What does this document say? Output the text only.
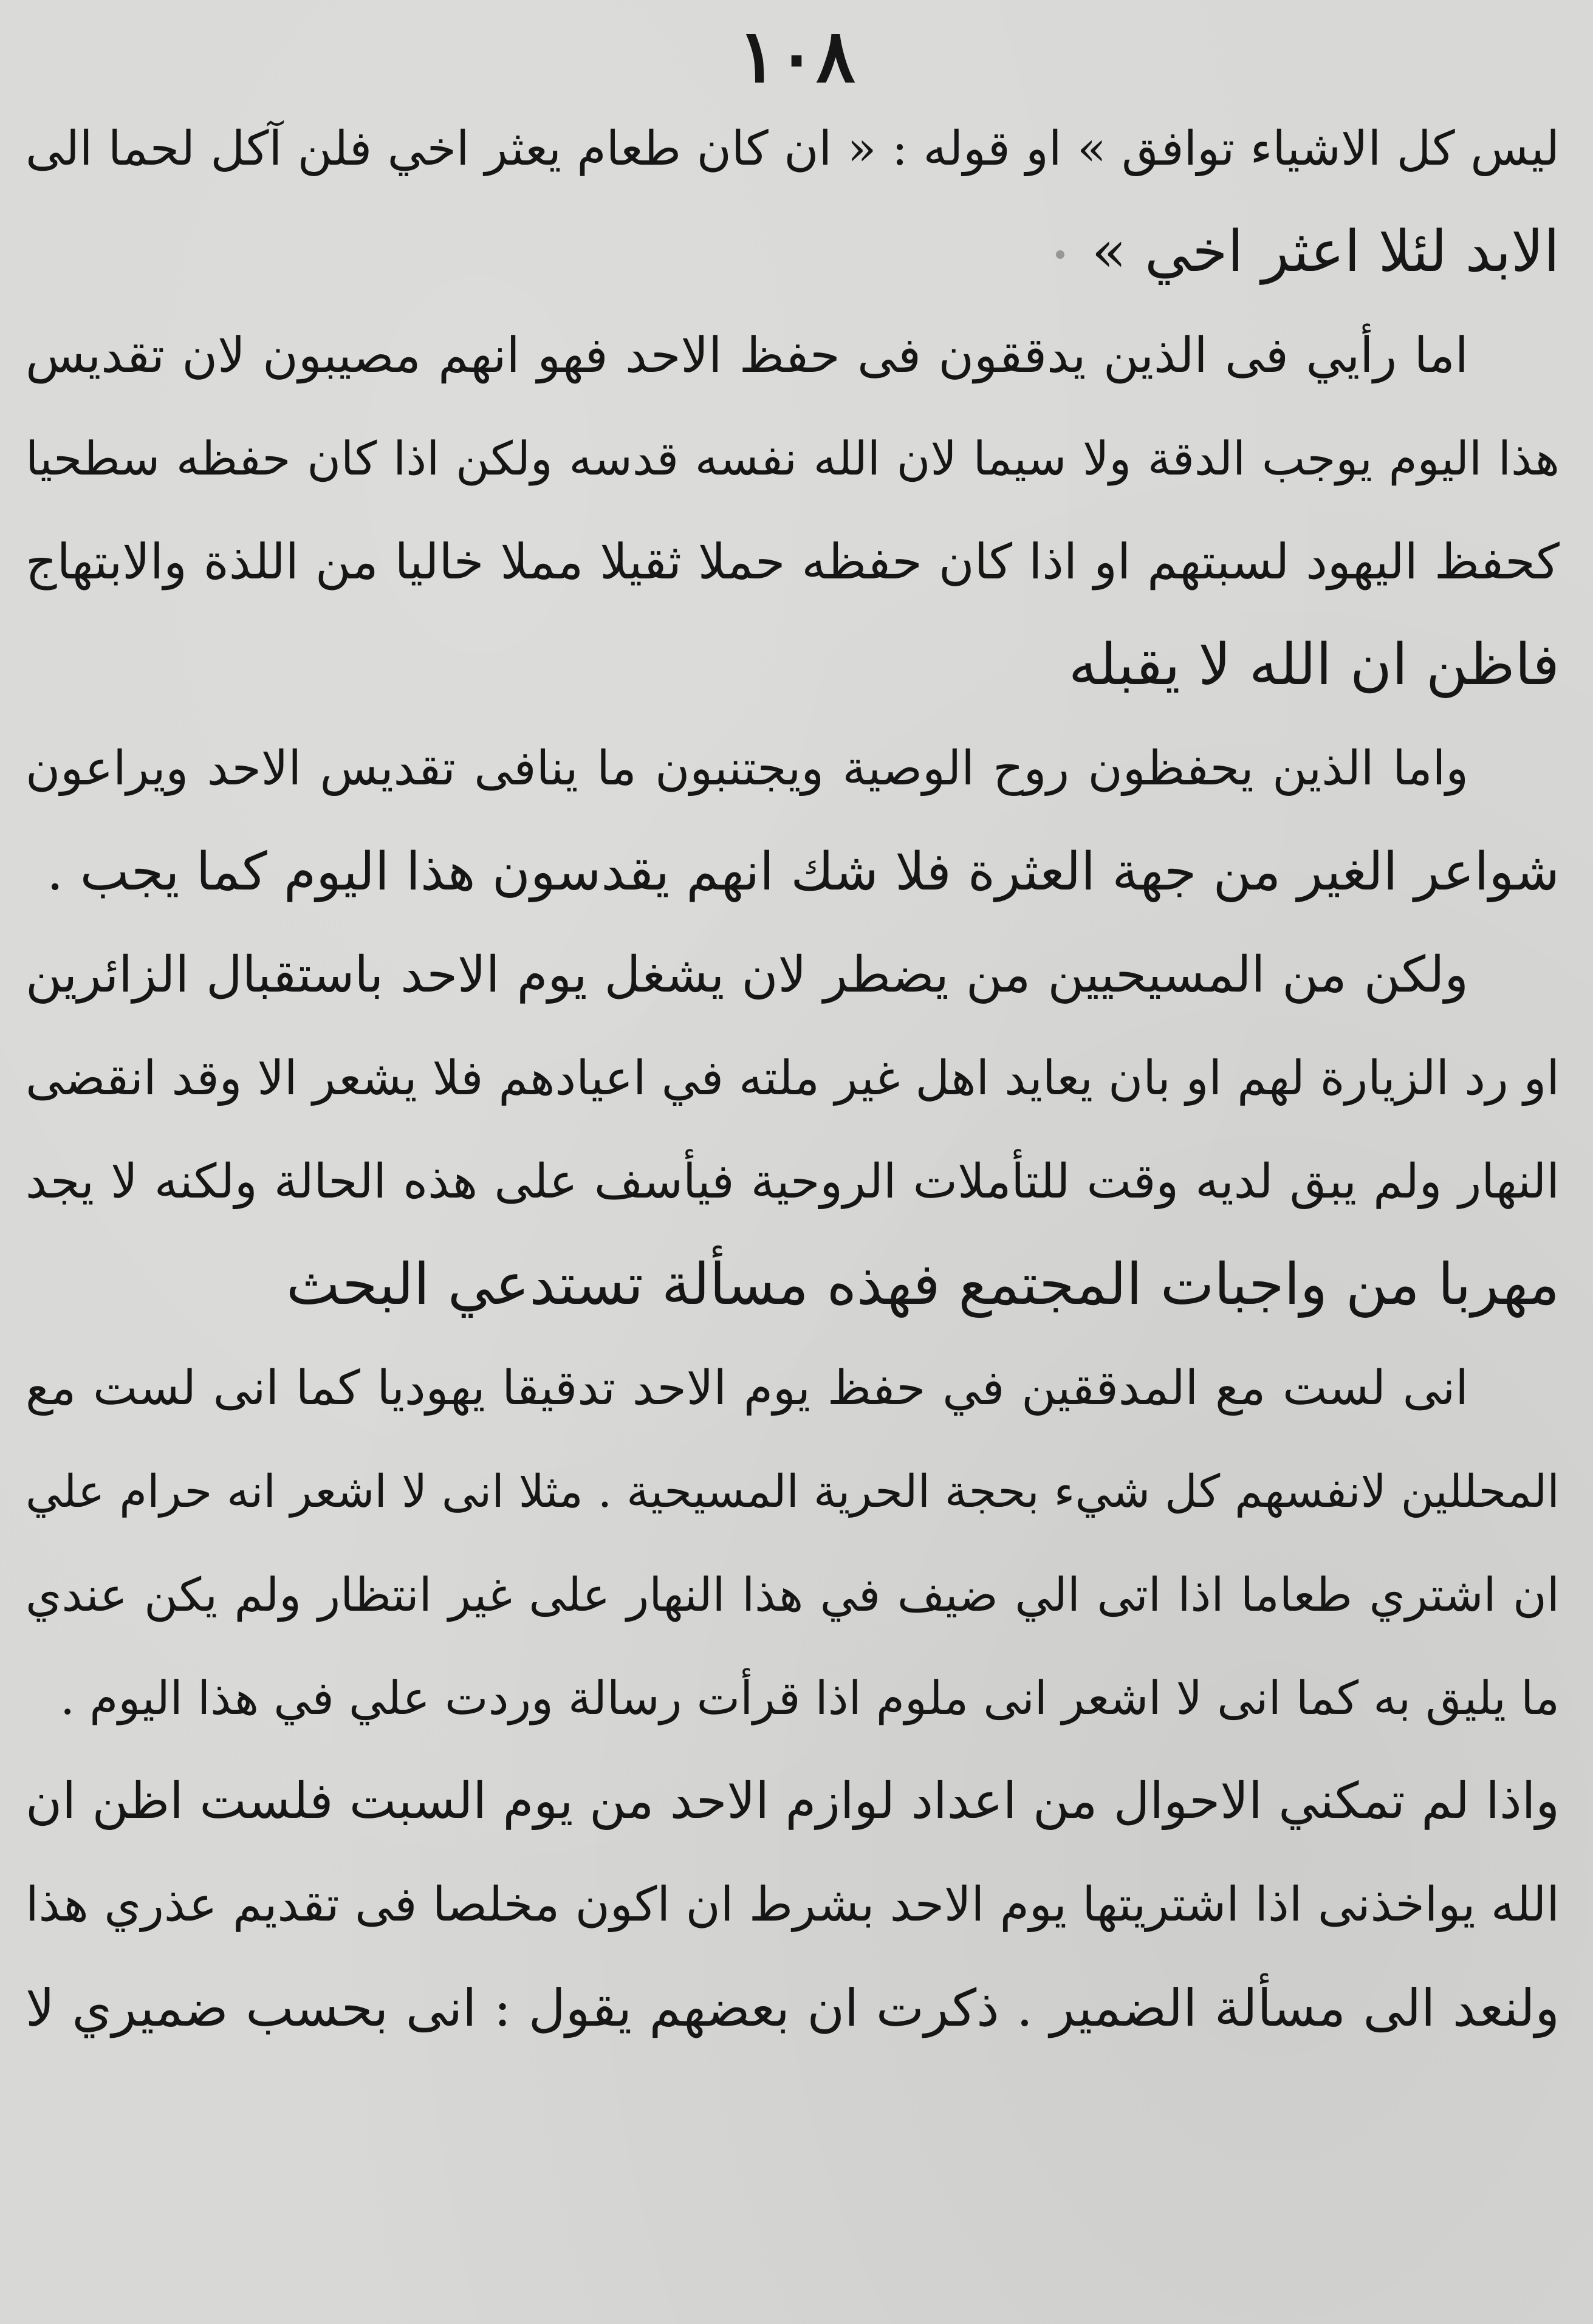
١٠٨
ليس كل الاشياء توافق » او قوله : « ان كان طعام يعثر اخي فلن آكل لحما الى
الابد لئلا اعثر اخي »
اما رأيي فى الذين يدققون فى حفظ الاحد فهو انهم مصيبون لان تقديس
هذا اليوم يوجب الدقة ولا سيما لان الله نفسه قدسه ولكن اذا كان حفظه سطحيا
كحفظ اليهود لسبتهم او اذا كان حفظه حملا ثقيلا مملا خاليا من اللذة والابتهاج
فاظن ان الله لا يقبله
واما الذين يحفظون روح الوصية ويجتنبون ما ينافى تقديس الاحد ويراعون
شواعر الغير من جهة العثرة فلا شك انهم يقدسون هذا اليوم كما يجب .
ولكن من المسيحيين من يضطر لان يشغل يوم الاحد باستقبال الزائرين
او رد الزيارة لهم او بان يعايد اهل غير ملته في اعيادهم فلا يشعر الا وقد انقضى
النهار ولم يبق لديه وقت للتأملات الروحية فيأسف على هذه الحالة ولكنه لا يجد
مهربا من واجبات المجتمع فهذه مسألة تستدعي البحث
انى لست مع المدققين في حفظ يوم الاحد تدقيقا يهوديا كما انى لست مع
المحللين لانفسهم كل شيء بحجة الحرية المسيحية . مثلا انى لا اشعر انه حرام علي
ان اشتري طعاما اذا اتى الي ضيف في هذا النهار على غير انتظار ولم يكن عندي
ما يليق به كما انى لا اشعر انى ملوم اذا قرأت رسالة وردت علي في هذا اليوم .
واذا لم تمكني الاحوال من اعداد لوازم الاحد من يوم السبت فلست اظن ان
الله يواخذنى اذا اشتريتها يوم الاحد بشرط ان اكون مخلصا فى تقديم عذري هذا
ولنعد الى مسألة الضمير . ذكرت ان بعضهم يقول : انى بحسب ضميري لا
